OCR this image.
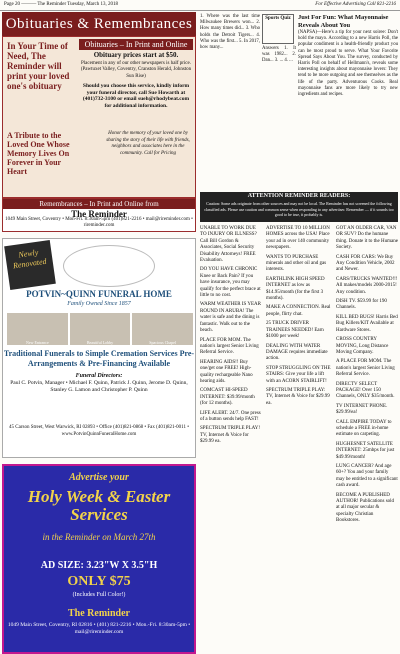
Page 20 ——— The Reminder Tuesday, March 13, 2018	For Effective Advertising Call 821-2216
Obituaries & Remembrances
In Your Time of Need, The Reminder will print your loved one's obituary
Obituaries – In Print and Online
Obituary prices start at $50.
Placement in any of our other newspapers is half price. (Pawtuxet Valley, Coventry, Cranston Herald, Johnston Sun Rise)
Should you choose this service, kindly inform your funeral director, call Sue Howarth at (401)732-3100 or email sueh@rhodybeat.com for additional information.
A Tribute to the Loved One Whose Memory Lives On Forever in Your Heart
Honor the memory of your loved one by sharing the story of their life with friends, neighbors and associates here in the community. Call for Pricing
Remembrances – In Print and Online from
The Reminder
1049 Main Street, Coventry • Mon-Fri. 8:30am-5pm (401)821-2216 • mail@rireminder.com • rireminder.com
Newly Renovated
POTVIN~QUINN FUNERAL HOME
Family Owned Since 1857
New Entrance	Beautiful Lobby	Spacious Chapel
Traditional Funerals to Simple Cremation Services Pre-Arrangements & Pre-Financing Available
Funeral Directors:
Paul C. Potvin, Manager • Michael F. Quinn, Patrick J. Quinn, Jerome D. Quinn, Stanley G. Lamon and Christopher P. Quinn
45 Carson Street, West Warwick, RI 02893 • Office (401)821-0868 • Fax (401)821-0011 • www.PotvinQuinnFuneralHome.com
Advertise your
Holy Week & Easter Services
in the Reminder on March 27th
AD SIZE: 3.23"W X 3.5"H
ONLY $75
(Includes Full Color!)
The Reminder
1049 Main Street, Coventry, RI 02816 • (401) 821-2216 • Mon.-Fri. 8:30am-5pm • mail@rireminder.com
1. Where was the last time Milwaukee Brewers won... 2. How many times did... 3. Who holds the Detroit Tigers... 4. Who was the first... 5. In 2017, how many...
Sports Quiz
Answers 1. It was 1982... 2. Dan... 3. ... 4. ...
Just For Fun: What Mayonnaise Reveals About You
(NAPSA)—Here's a tip for your next soiree: Don't hold the mayo. According to a new Harris Poll, the popular condiment is a health-friendly product you can be most proud to serve. What Your Favorite Spread Says About You. The survey, conducted by Harris Poll on behalf of Hellmann's, reveals some interesting insights about mayonnaise lovers: They tend to be more outgoing and see themselves as the life of the party. Adventurous Cooks. Real mayonnaise fans are more likely to try new ingredients and recipes.
ATTENTION REMINDER READERS:
Caution: Some ads originate from other sources and may not be local. The Reminder has not screened the following classified ads. Please use caution and common sense when responding to any advertiser. Remember — if it sounds too good to be true, it probably is.

UNABLE TO WORK DUE TO INJURY OR ILLNESS? Call Bill Gordon & Associates, Social Security Disability Attorneys! FREE Evaluation.

DO YOU HAVE CHRONIC Knee or Back Pain? If you have insurance, you may qualify for the perfect brace at little to no cost.

WARM WEATHER IS YEAR ROUND IN ARUBA! The water is safe and the dining is fantastic. Walk out to the beach.

PLACE FOR MOM. The nation's largest Senior Living Referral Service.

HEARING AIDS!! Buy one/get one FREE! High-quality rechargeable Nano hearing aids.

COMCAST HI-SPEED INTERNET: $39.99/month (for 12 months).

LIFE ALERT. 24/7. One press of a button sends help FAST!

SPECTRUM TRIPLE PLAY! TV, Internet & Voice for $29.99 ea.

ADVERTISE TO 10 MILLION HOMES across the USA! Place your ad in over 140 community newspapers.

WANTS TO PURCHASE minerals and other oil and gas interests.

EARTHLINK HIGH SPEED INTERNET as low as $14.95/month (for the first 3 months).

MAKE A CONNECTION. Real people, flirty chat.

25 TRUCK DRIVER TRAINEES NEEDED! Earn $1000 per week!

DEALING WITH WATER DAMAGE requires immediate action.

STOP STRUGGLING ON THE STAIRS: Give your life a lift with an ACORN STAIRLIFT!

SPECTRUM TRIPLE PLAY: TV, Internet & Voice for $29.99 ea.

GOT AN OLDER CAR, VAN OR SUV? Do the humane thing. Donate it to the Humane Society.

CASH FOR CARS: We Buy Any Condition Vehicle, 2002 and Newer.

CARS/TRUCKS WANTED!!! All makes/models 2000-2015! Any condition.

DISH TV. $59.99 for 190 Channels.

KILL BED BUGS! Harris Bed Bug Killers/KIT Available at Hardware Stores.

CROSS COUNTRY MOVING, Long Distance Moving Company.

A PLACE FOR MOM. The nation's largest Senior Living Referral Service.

DIRECTV SELECT PACKAGE! Over 150 Channels, ONLY $35/month.

TV INTERNET PHONE. $29.99/ea!

CALL EMPIRE TODAY to schedule a FREE in-home estimate on carpeting.

HUGHESNET SATELLITE INTERNET: 25mbps for just $49.99/month!

LUNG CANCER? And age 60+? You and your family may be entitled to a significant cash award.

BECOME A PUBLISHED AUTHOR! Publications sold at all major secular & specialty Christian Bookstores.
